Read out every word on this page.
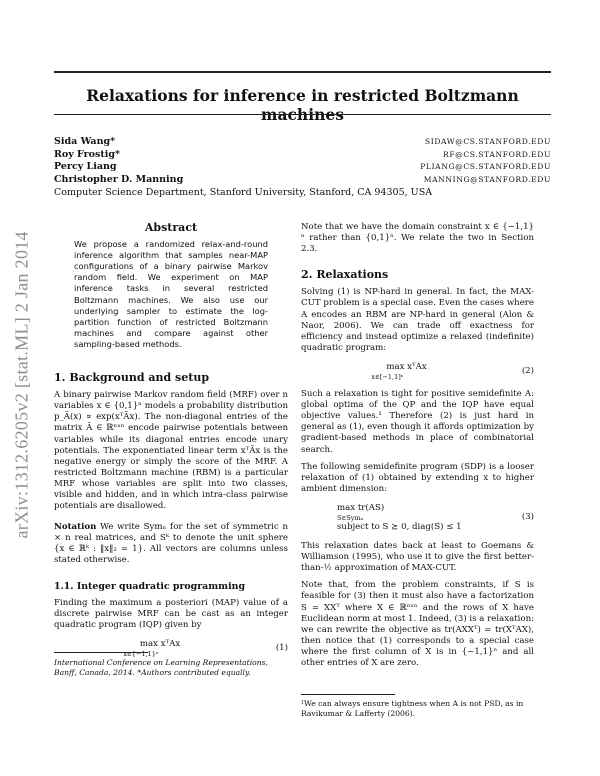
Relaxations for inference in restricted Boltzmann machines
Sida Wang*	SIDAW@CS.STANFORD.EDU
Roy Frostig*	RF@CS.STANFORD.EDU
Percy Liang	PLIANG@CS.STANFORD.EDU
Christopher D. Manning	MANNING@STANFORD.EDU
Computer Science Department, Stanford University, Stanford, CA 94305, USA
arXiv:1312.6205v2 [stat.ML] 2 Jan 2014
Abstract

We propose a randomized relax-and-round inference algorithm that samples near-MAP configurations of a binary pairwise Markov random field. We experiment on MAP inference tasks in several restricted Boltzmann machines. We also use our underlying sampler to estimate the log-partition function of restricted Boltzmann machines and compare against other sampling-based methods.

1. Background and setup

A binary pairwise Markov random field (MRF) over n variables x ∈ {0,1}ⁿ models a probability distribution p_Ã(x) ∝ exp(xᵀÃx). The non-diagonal entries of the matrix Ã ∈ ℝⁿˣⁿ encode pairwise potentials between variables while its diagonal entries encode unary potentials. The exponentiated linear term xᵀÃx is the negative energy or simply the score of the MRF. A restricted Boltzmann machine (RBM) is a particular MRF whose variables are split into two classes, visible and hidden, and in which intra-class pairwise potentials are disallowed.

Notation We write Symₙ for the set of symmetric n × n real matrices, and Sᵏ to denote the unit sphere {x ∈ ℝᵏ : ‖x‖₂ = 1}. All vectors are columns unless stated otherwise.

1.1. Integer quadratic programming

Finding the maximum a posteriori (MAP) value of a discrete pairwise MRF can be cast as an integer quadratic program (IQP) given by

max xᵀAx
x∈{−1,1}ⁿ
(1)
International Conference on Learning Representations, Banff, Canada, 2014. *Authors contributed equally.

Note that we have the domain constraint x ∈ {−1,1}ⁿ rather than {0,1}ⁿ. We relate the two in Section 2.3.

2. Relaxations

Solving (1) is NP-hard in general. In fact, the MAX-CUT problem is a special case. Even the cases where A encodes an RBM are NP-hard in general (Alon & Naor, 2006). We can trade off exactness for efficiency and instead optimize a relaxed (indefinite) quadratic program:

max xᵀAx
x∈[−1,1]ⁿ
(2)

Such a relaxation is tight for positive semidefinite A: global optima of the QP and the IQP have equal objective values.¹ Therefore (2) is just hard in general as (1), even though it affords optimization by gradient-based methods in place of combinatorial search.

The following semidefinite program (SDP) is a looser relaxation of (1) obtained by extending x to higher ambient dimension:

max tr(AS)
S∈Symₙ
subject to S ⪰ 0, diag(S) ≤ 1
(3)

This relaxation dates back at least to Goemans & Williamson (1995), who use it to give the first better-than-½ approximation of MAX-CUT.

Note that, from the problem constraints, if S is feasible for (3) then it must also have a factorization S = XXᵀ where X ∈ ℝⁿˣⁿ and the rows of X have Euclidean norm at most 1. Indeed, (3) is a relaxation: we can rewrite the objective as tr(AXXᵀ) = tr(XᵀAX), then notice that (1) corresponds to a special case where the first column of X is in {−1,1}ⁿ and all other entries of X are zero.

¹We can always ensure tightness when A is not PSD, as in Ravikumar & Lafferty (2006).
